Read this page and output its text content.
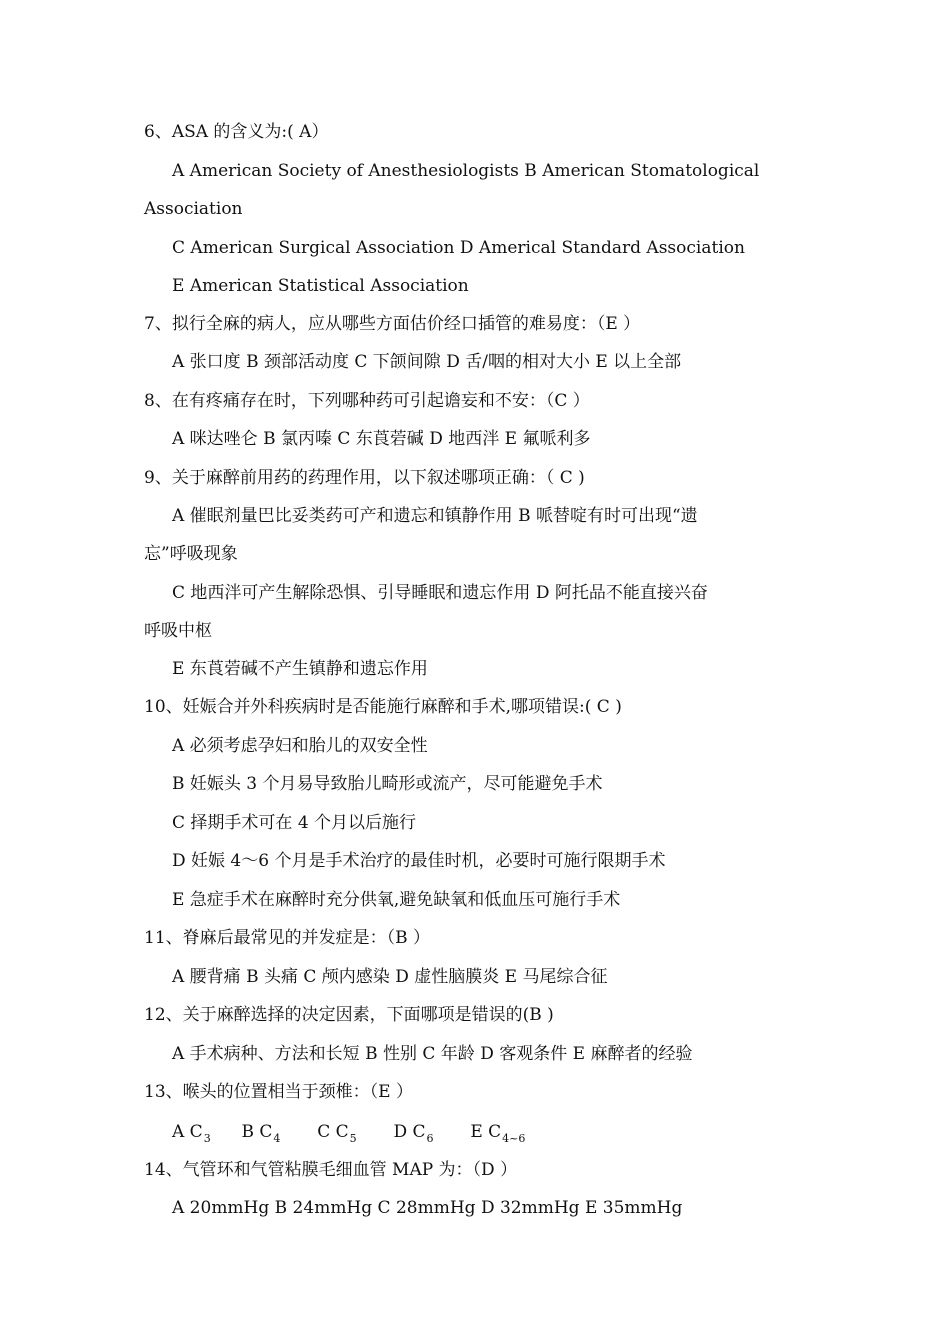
6、ASA 的含义为:( A）
A American Society of Anesthesiologists B American Stomatological
Association
C American Surgical Association D Americal Standard Association
E American Statistical Association
7、拟行全麻的病人，应从哪些方面估价经口插管的难易度：（E ）
A 张口度 B 颈部活动度 C 下颌间隙 D 舌/咽的相对大小 E 以上全部
8、在有疼痛存在时，下列哪种药可引起谵妄和不安：（C ）
A 咪达唑仑 B 氯丙嗪 C 东莨菪碱 D 地西泮 E 氟哌利多
9、关于麻醉前用药的药理作用，以下叙述哪项正确：（ C )
A 催眠剂量巴比妥类药可产和遗忘和镇静作用 B 哌替啶有时可出现“遗
忘”呼吸现象
C 地西泮可产生解除恐惧、引导睡眠和遗忘作用 D 阿托品不能直接兴奋
呼吸中枢
E 东莨菪碱不产生镇静和遗忘作用
10、妊娠合并外科疾病时是否能施行麻醉和手术,哪项错误:( C )
A 必须考虑孕妇和胎儿的双安全性
B 妊娠头 3 个月易导致胎儿畸形或流产，尽可能避免手术
C 择期手术可在 4 个月以后施行
D 妊娠 4～6 个月是手术治疗的最佳时机，必要时可施行限期手术
E 急症手术在麻醉时充分供氧,避免缺氧和低血压可施行手术
11、脊麻后最常见的并发症是：（B ）
A 腰背痛 B 头痛 C 颅内感染 D 虚性脑膜炎 E 马尾综合征
12、关于麻醉选择的决定因素，下面哪项是错误的(B )
A 手术病种、方法和长短 B 性别 C 年龄 D 客观条件 E 麻醉者的经验
13、喉头的位置相当于颈椎：（E ）
A $C_3$ B $C_4$ C $C_5$ D $C_6$ E $C_{4\sim 6}$
14、气管环和气管粘膜毛细血管 MAP 为：（D ）
A 20mmHg B 24mmHg C 28mmHg D 32mmHg E 35mmHg
